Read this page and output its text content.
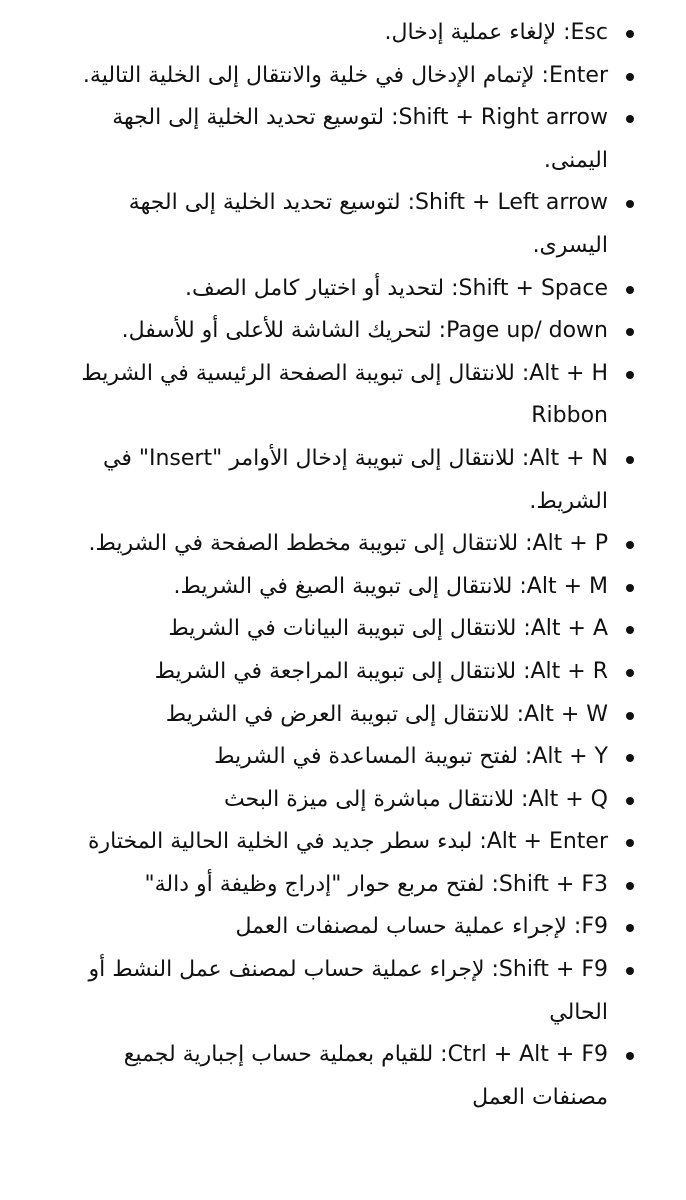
Esc: لإلغاء عملية إدخال.
Enter: لإتمام الإدخال في خلية والانتقال إلى الخلية التالية.
Shift + Right arrow: لتوسيع تحديد الخلية إلى الجهة اليمنى.
Shift + Left arrow: لتوسيع تحديد الخلية إلى الجهة اليسرى.
Shift + Space: لتحديد أو اختيار كامل الصف.
Page up/ down: لتحريك الشاشة للأعلى أو للأسفل.
Alt + H: للانتقال إلى تبويبة الصفحة الرئيسية في الشريط Ribbon
Alt + N: للانتقال إلى تبويبة إدخال الأوامر "Insert" في الشريط.
Alt + P: للانتقال إلى تبويبة مخطط الصفحة في الشريط.
Alt + M: للانتقال إلى تبويبة الصيغ في الشريط.
Alt + A: للانتقال إلى تبويبة البيانات في الشريط
Alt + R: للانتقال إلى تبويبة المراجعة في الشريط
Alt + W: للانتقال إلى تبويبة العرض في الشريط
Alt + Y: لفتح تبويبة المساعدة في الشريط
Alt + Q: للانتقال مباشرة إلى ميزة البحث
Alt + Enter: لبدء سطر جديد في الخلية الحالية المختارة
Shift + F3: لفتح مربع حوار "إدراج وظيفة أو دالة"
F9: لإجراء عملية حساب لمصنفات العمل
Shift + F9: لإجراء عملية حساب لمصنف عمل النشط أو الحالي
Ctrl + Alt + F9: للقيام بعملية حساب إجبارية لجميع مصنفات العمل
